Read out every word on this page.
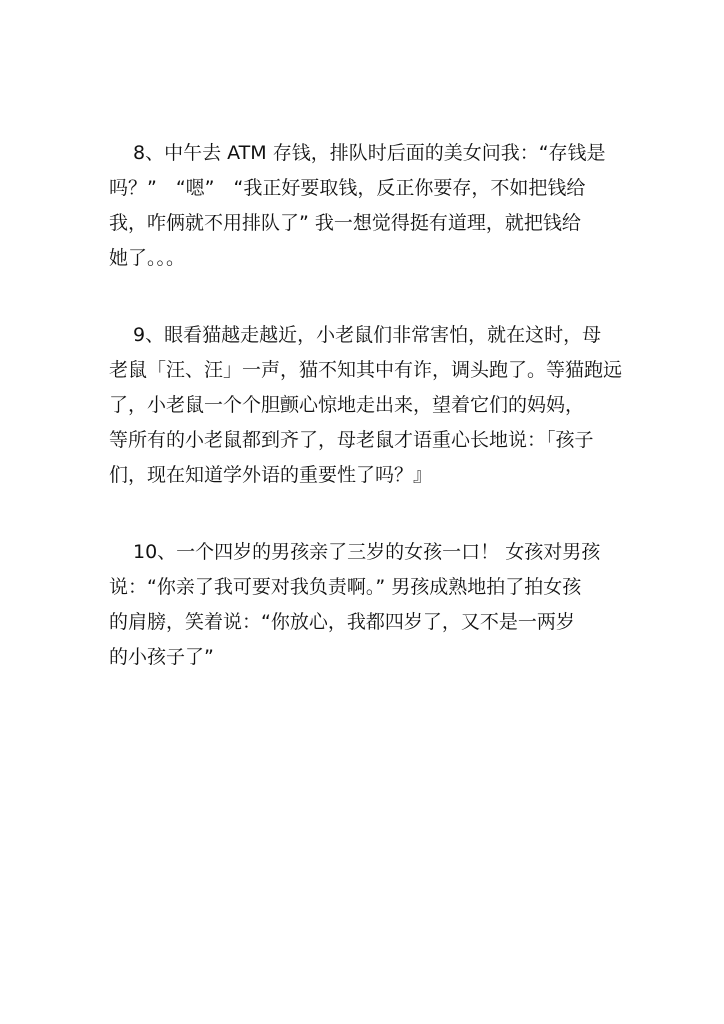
8、中午去 ATM 存钱，排队时后面的美女问我：“存钱是
吗？”　“嗯”　“我正好要取钱，反正你要存，不如把钱给
我，咋俩就不用排队了” 我一想觉得挺有道理，就把钱给
她了。。。
9、眼看猫越走越近，小老鼠们非常害怕，就在这时，母
老鼠「汪、汪」一声，猫不知其中有诈，调头跑了。等猫跑远
了，小老鼠一个个胆颤心惊地走出来，望着它们的妈妈，
等所有的小老鼠都到齐了，母老鼠才语重心长地说：「孩子
们，现在知道学外语的重要性了吗？』
10、一个四岁的男孩亲了三岁的女孩一口！ 女孩对男孩
说：“你亲了我可要对我负责啊。” 男孩成熟地拍了拍女孩
的肩膀，笑着说：“你放心，我都四岁了，又不是一两岁
的小孩子了”
